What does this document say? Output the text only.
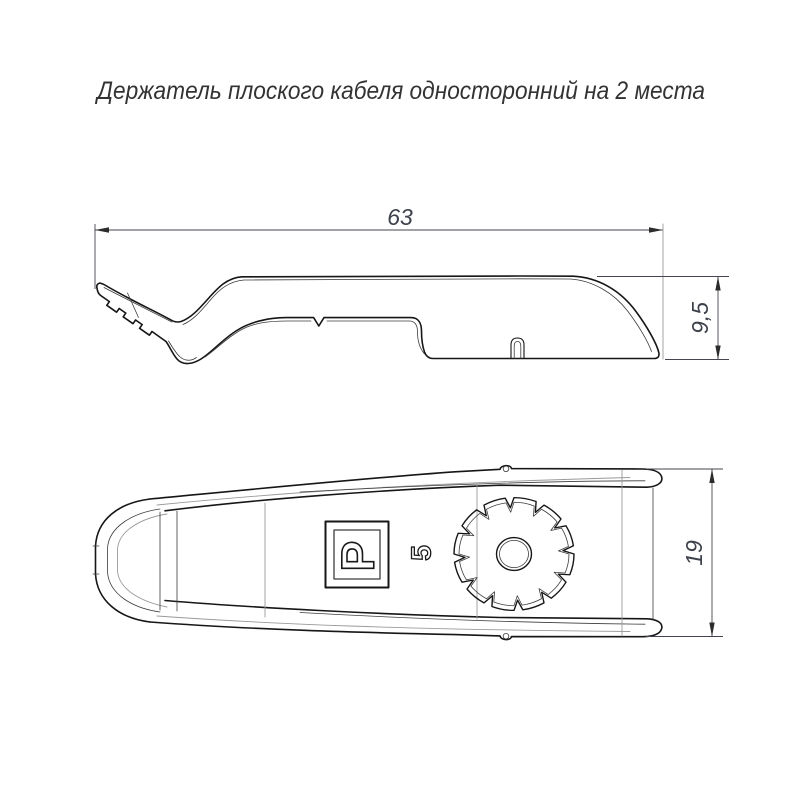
Держатель плоского кабеля односторонний на 2 места
63
9,5
Р 5	19
